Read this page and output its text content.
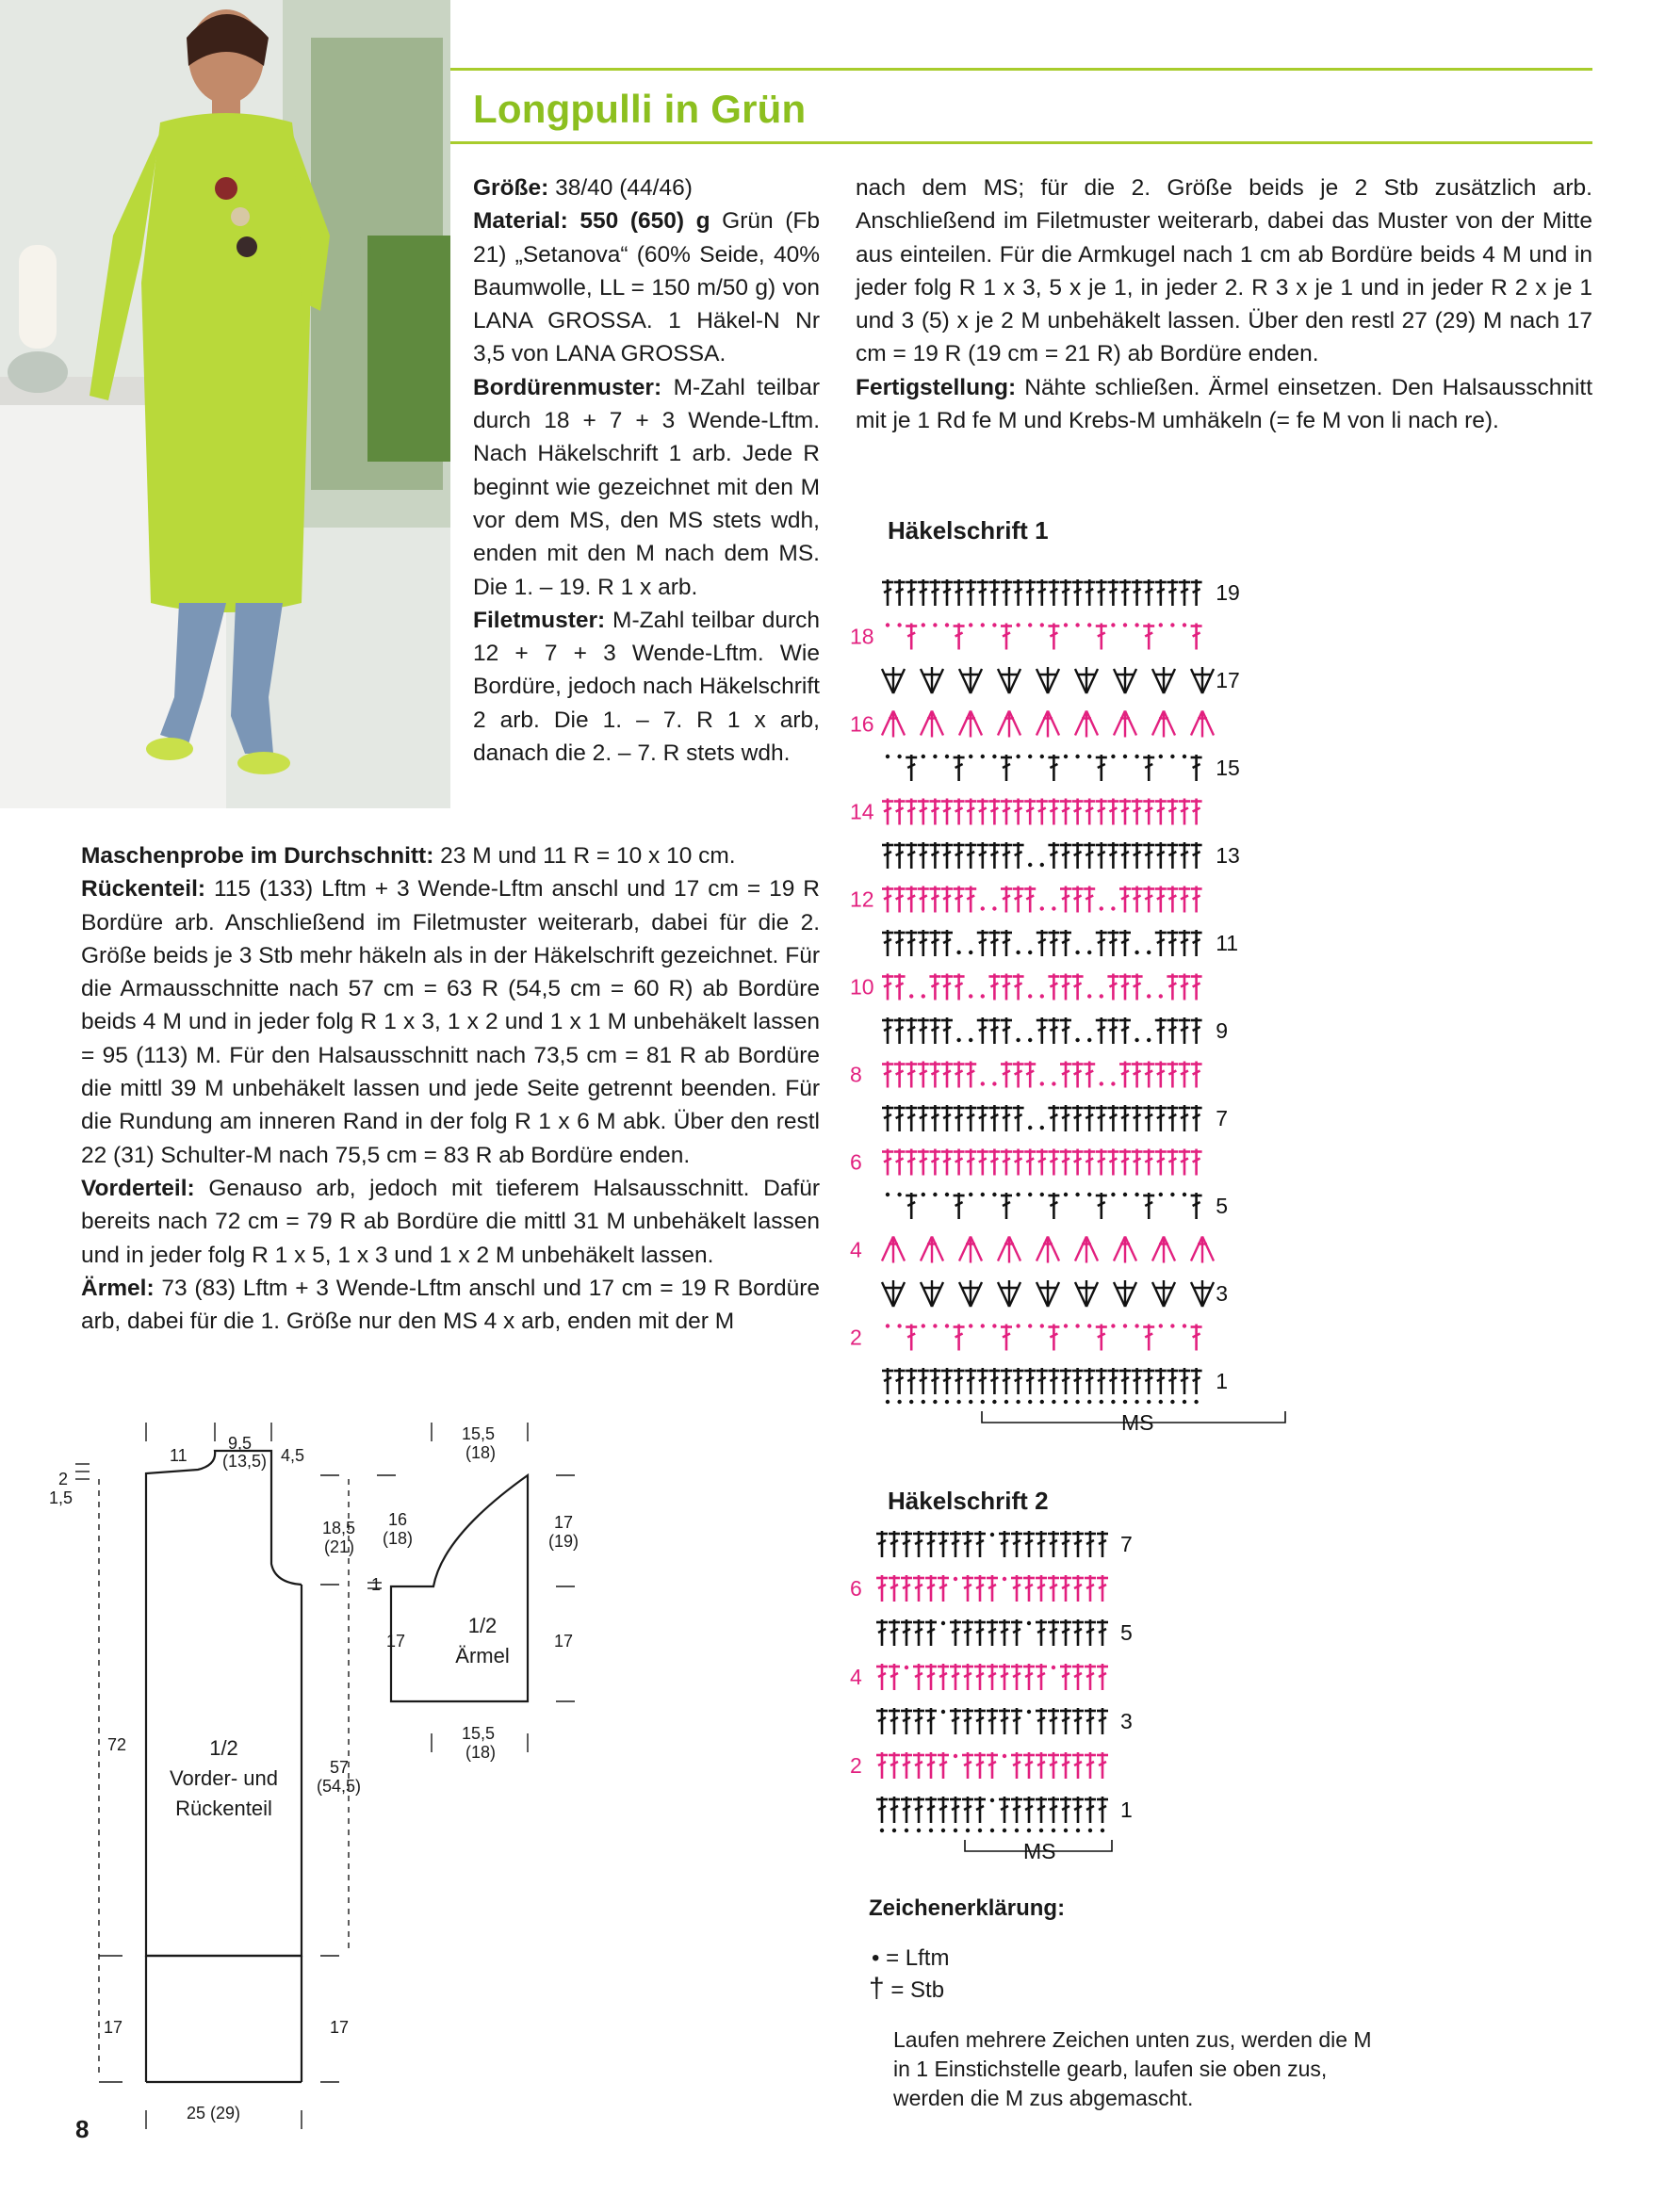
Longpulli in Grün

Größe: 38/40 (44/46)

Material: 550 (650) g Grün (Fb 21) „Setanova“ (60% Seide, 40% Baumwolle, LL = 150 m/50 g) von LANA GROSSA. 1 Häkel-N Nr 3,5 von LANA GROSSA.

Bordürenmuster: M-Zahl teilbar durch 18 + 7 + 3 Wende-Lftm. Nach Häkelschrift 1 arb. Jede R beginnt wie gezeichnet mit den M vor dem MS, den MS stets wdh, enden mit den M nach dem MS. Die 1. – 19. R 1 x arb.

Filetmuster: M-Zahl teilbar durch 12 + 7 + 3 Wende-Lftm. Wie Bordüre, jedoch nach Häkelschrift 2 arb. Die 1. – 7. R 1 x arb, danach die 2. – 7. R stets wdh.

Maschenprobe im Durchschnitt: 23 M und 11 R = 10 x 10 cm.

Rückenteil: 115 (133) Lftm + 3 Wende-Lftm anschl und 17 cm = 19 R Bordüre arb. Anschließend im Filetmuster weiterarb, dabei für die 2. Größe beids je 3 Stb mehr häkeln als in der Häkelschrift gezeichnet. Für die Armausschnitte nach 57 cm = 63 R (54,5 cm = 60 R) ab Bordüre beids 4 M und in jeder folg R 1 x 3, 1 x 2 und 1 x 1 M unbehäkelt lassen = 95 (113) M. Für den Halsausschnitt nach 73,5 cm = 81 R ab Bordüre die mittl 39 M unbehäkelt lassen und jede Seite getrennt beenden. Für die Rundung am inneren Rand in der folg R 1 x 6 M abk. Über den restl 22 (31) Schulter-M nach 75,5 cm = 83 R ab Bordüre enden.

Vorderteil: Genauso arb, jedoch mit tieferem Halsausschnitt. Dafür bereits nach 72 cm = 79 R ab Bordüre die mittl 31 M unbehäkelt lassen und in jeder folg R 1 x 5, 1 x 3 und 1 x 2 M unbehäkelt lassen.

Ärmel: 73 (83) Lftm + 3 Wende-Lftm anschl und 17 cm = 19 R Bordüre arb, dabei für die 1. Größe nur den MS 4 x arb, enden mit der M

nach dem MS; für die 2. Größe beids je 2 Stb zusätzlich arb. Anschließend im Filetmuster weiterarb, dabei das Muster von der Mitte aus einteilen. Für die Armkugel nach 1 cm ab Bordüre beids 4 M und in jeder folg R 1 x 3, 5 x je 1, in jeder 2. R 3 x je 1 und in jeder R 2 x je 1 und 3 (5) x je 2 M unbehäkelt lassen. Über den restl 27 (29) M nach 17 cm = 19 R (19 cm = 21 R) ab Bordüre enden.

Fertigstellung: Nähte schließen. Ärmel einsetzen. Den Halsausschnitt mit je 1 Rd fe M und Krebs-M umhäkeln (= fe M von li nach re).

Häkelschrift 1
19
17
15
13
11
9
7
5
3
1
18
16
14
12
10
8
6
4
2
MS
Häkelschrift 2
7
5
3
1
6
4
2
MS
Zeichenerklärung:
• = Lftm
† = Stb
Laufen mehrere Zeichen unten zus, werden die M in 1 Einstichstelle gearb, laufen sie oben zus, werden die M zus abgemascht.
11
9,5
(13,5) 4,5
2
1,5
18,5
(21)
16
(18)
72
57
(54,5)
17	17
25 (29)
1/2
Vorder- und
Rückenteil
15,5
(18)
17
(19)
1
17	17
15,5
(18)
1/2
Ärmel
8
